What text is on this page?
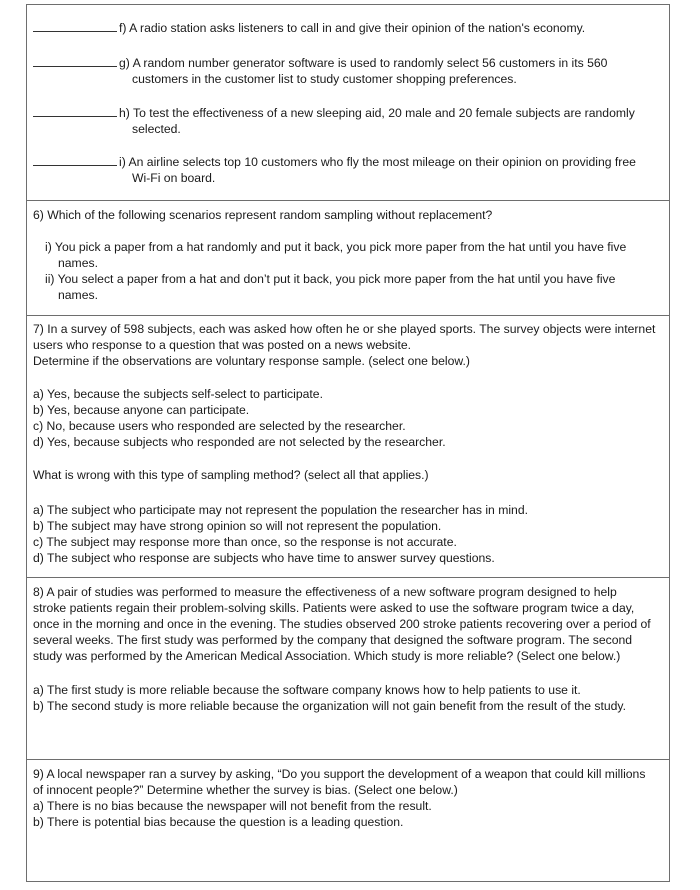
f) A radio station asks listeners to call in and give their opinion of the nation's economy.
g) A random number generator software is used to randomly select 56 customers in its 560
customers in the customer list to study customer shopping preferences.
h) To test the effectiveness of a new sleeping aid, 20 male and 20 female subjects are randomly
selected.
i) An airline selects top 10 customers who fly the most mileage on their opinion on providing free
Wi-Fi on board.
6) Which of the following scenarios represent random sampling without replacement?
i) You pick a paper from a hat randomly and put it back, you pick more paper from the hat until you have five
names.
ii) You select a paper from a hat and don’t put it back, you pick more paper from the hat until you have five
names.
7) In a survey of 598 subjects, each was asked how often he or she played sports. The survey objects were internet
users who response to a question that was posted on a news website.
Determine if the observations are voluntary response sample. (select one below.)
a) Yes, because the subjects self-select to participate.
b) Yes, because anyone can participate.
c) No, because users who responded are selected by the researcher.
d) Yes, because subjects who responded are not selected by the researcher.
What is wrong with this type of sampling method? (select all that applies.)
a) The subject who participate may not represent the population the researcher has in mind.
b) The subject may have strong opinion so will not represent the population.
c) The subject may response more than once, so the response is not accurate.
d) The subject who response are subjects who have time to answer survey questions.
8) A pair of studies was performed to measure the effectiveness of a new software program designed to help
stroke patients regain their problem-solving skills. Patients were asked to use the software program twice a day,
once in the morning and once in the evening. The studies observed 200 stroke patients recovering over a period of
several weeks. The first study was performed by the company that designed the software program. The second
study was performed by the American Medical Association. Which study is more reliable? (Select one below.)
a) The first study is more reliable because the software company knows how to help patients to use it.
b) The second study is more reliable because the organization will not gain benefit from the result of the study.
9) A local newspaper ran a survey by asking, “Do you support the development of a weapon that could kill millions
of innocent people?” Determine whether the survey is bias. (Select one below.)
a) There is no bias because the newspaper will not benefit from the result.
b) There is potential bias because the question is a leading question.
